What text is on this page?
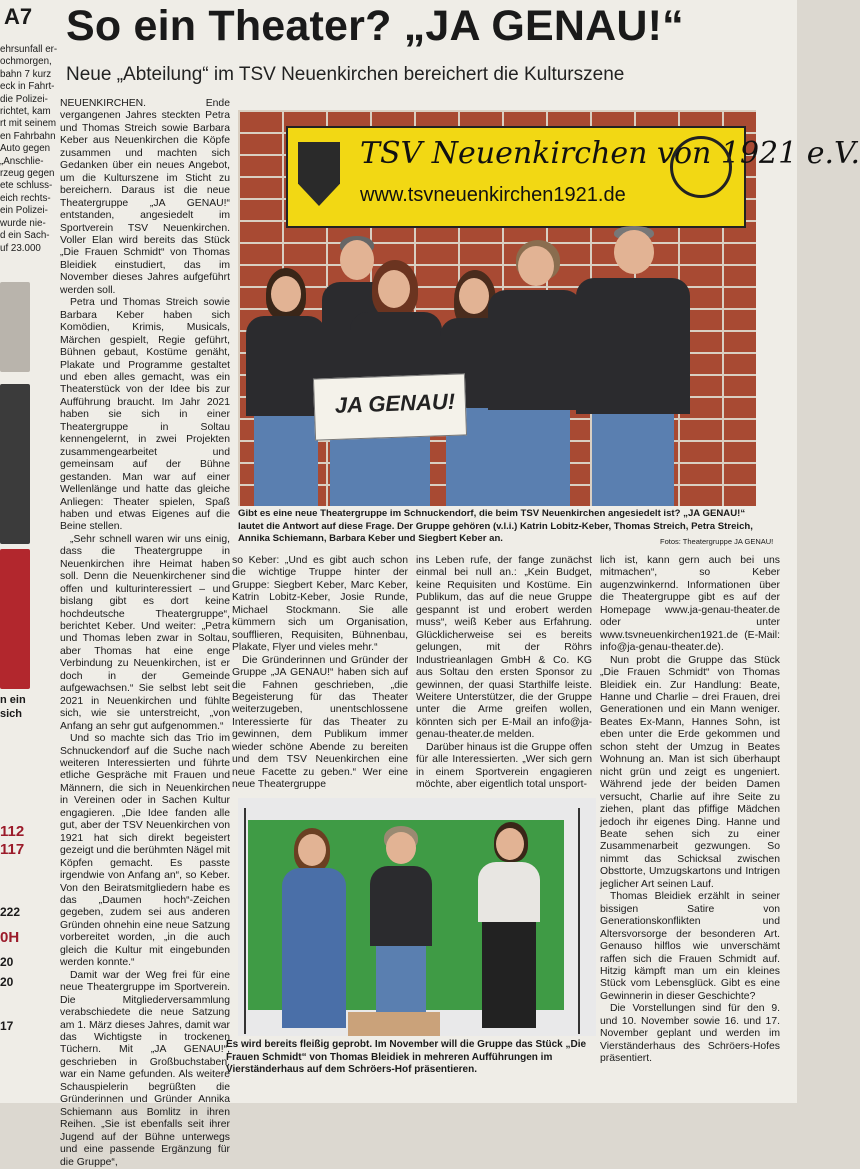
A7 So ein Theater? „JA GENAU!“
Neue „Abteilung“ im TSV Neuenkirchen bereichert die Kulturszene
ehrsunfall er-
ochmorgen,
bahn 7 kurz
eck in Fahrt-
die Polizei-
richtet, kam
rt mit seinem
en Fahrbahn
Auto gegen
„Anschlie-
rzeug gegen
ete schluss-
eich rechts-
ein Polizei-
wurde nie-
d ein Sach-
uf 23.000
n ein
sich
112
117
222
0H
20
20
17

NEUENKIRCHEN. Ende vergangenen Jahres steckten Petra und Thomas Streich sowie Barbara Keber aus Neuenkirchen die Köpfe zusammen und machten sich Gedanken über ein neues Angebot, um die Kulturszene im Sticht zu bereichern. Daraus ist die neue Theatergruppe „JA GENAU!“ entstanden, angesiedelt im Sportverein TSV Neuenkirchen. Voller Elan wird bereits das Stück „Die Frauen Schmidt“ von Thomas Bleidiek einstudiert, das im November dieses Jahres aufgeführt werden soll.

Petra und Thomas Streich sowie Barbara Keber haben sich Komödien, Krimis, Musicals, Märchen gespielt, Regie geführt, Bühnen gebaut, Kostüme genäht, Plakate und Programme gestaltet und eben alles gemacht, was ein Theaterstück von der Idee bis zur Aufführung braucht. Im Jahr 2021 haben sie sich in einer Theatergruppe in Soltau kennengelernt, in zwei Projekten zusammengearbeitet und gemeinsam auf der Bühne gestanden. Man war auf einer Wellenlänge und hatte das gleiche Anliegen: Theater spielen, Spaß haben und etwas Eigenes auf die Beine stellen.

„Sehr schnell waren wir uns einig, dass die Theatergruppe in Neuenkirchen ihre Heimat haben soll. Denn die Neuenkirchener sind offen und kulturinteressiert – und bislang gibt es dort keine hochdeutsche Theatergruppe“, berichtet Keber. Und weiter: „Petra und Thomas leben zwar in Soltau, aber Thomas hat eine enge Verbindung zu Neuenkirchen, ist er doch in der Gemeinde aufgewachsen.“ Sie selbst lebt seit 2021 in Neuenkirchen und fühlte sich, wie sie unterstreicht, „von Anfang an sehr gut aufgenommen.“

Und so machte sich das Trio im Schnuckendorf auf die Suche nach weiteren Interessierten und führte etliche Gespräche mit Frauen und Männern, die sich in Neuenkirchen in Vereinen oder in Sachen Kultur engagieren. „Die Idee fanden alle gut, aber der TSV Neuenkirchen von 1921 hat sich direkt begeistert gezeigt und die berühmten Nägel mit Köpfen gemacht. Es passte irgendwie von Anfang an“, so Keber. Von den Beiratsmitgliedern habe es das „Daumen hoch“-Zeichen gegeben, zudem sei aus anderen Gründen ohnehin eine neue Satzung vorbereitet worden, „in die auch gleich die Kultur mit eingebunden werden konnte.“

Damit war der Weg frei für eine neue Theatergruppe im Sportverein. Die Mitgliederversammlung verabschiedete die neue Satzung am 1. März dieses Jahres, damit war das Wichtigste in trockenen Tüchern. Mit „JA GENAU!“, geschrieben in Großbuchstaben, war ein Name gefunden. Als weitere Schauspielerin begrüßten die Gründerinnen und Gründer Annika Schiemann aus Bomlitz in ihren Reihen. „Sie ist ebenfalls seit ihrer Jugend auf der Bühne unterwegs und eine passende Ergänzung für die Gruppe“,

TSV Neuenkirchen von 1921 e.V.
www.tsvneuenkirchen1921.de
JA GENAU!
Gibt es eine neue Theatergruppe im Schnuckendorf, die beim TSV Neuenkirchen angesiedelt ist? „JA GENAU!“ lautet die Antwort auf diese Frage. Der Gruppe gehören (v.l.i.) Katrin Lobitz-Keber, Thomas Streich, Petra Streich, Annika Schiemann, Barbara Keber und Siegbert Keber an.	Fotos: Theatergruppe JA GENAU!

so Keber: „Und es gibt auch schon die wichtige Truppe hinter der Gruppe: Siegbert Keber, Marc Keber, Katrin Lobitz-Keber, Josie Runde, Michael Stockmann. Sie alle kümmern sich um Organisation, soufflieren, Requisiten, Bühnenbau, Plakate, Flyer und vieles mehr.“

Die Gründerinnen und Gründer der Gruppe „JA GENAU!“ haben sich auf die Fahnen geschrieben, „die Begeisterung für das Theater weiterzugeben, unentschlossene Interessierte für das Theater zu gewinnen, dem Publikum immer wieder schöne Abende zu bereiten und dem TSV Neuenkirchen eine neue Facette zu geben.“ Wer eine neue Theatergruppe

ins Leben rufe, der fange zunächst einmal bei null an.: „Kein Budget, keine Requisiten und Kostüme. Ein Publikum, das auf die neue Gruppe gespannt ist und erobert werden muss“, weiß Keber aus Erfahrung. Glücklicherweise sei es bereits gelungen, mit der Röhrs Industrieanlagen GmbH & Co. KG aus Soltau den ersten Sponsor zu gewinnen, der quasi Starthilfe leiste. Weitere Unterstützer, die der Gruppe unter die Arme greifen wollen, könnten sich per E-Mail an info@ja-genau-theater.de melden.

Darüber hinaus ist die Gruppe offen für alle Interessierten. „Wer sich gern in einem Sportverein engagieren möchte, aber eigentlich total unsport-

lich ist, kann gern auch bei uns mitmachen“, so Keber augenzwinkernd. Informationen über die Theatergruppe gibt es auf der Homepage www.ja-genau-theater.de oder unter www.tsvneuenkirchen1921.de (E-Mail: info@ja-genau-theater.de).

Nun probt die Gruppe das Stück „Die Frauen Schmidt“ von Thomas Bleidiek ein. Zur Handlung: Beate, Hanne und Charlie – drei Frauen, drei Generationen und ein Mann weniger. Beates Ex-Mann, Hannes Sohn, ist eben unter die Erde gekommen und schon steht der Umzug in Beates Wohnung an. Man ist sich überhaupt nicht grün und zeigt es ungeniert. Während jede der beiden Damen versucht, Charlie auf ihre Seite zu ziehen, plant das pfiffige Mädchen jedoch ihr eigenes Ding. Hanne und Beate sehen sich zu einer Zusammenarbeit gezwungen. So nimmt das Schicksal zwischen Obsttorte, Umzugskartons und Intrigen jeglicher Art seinen Lauf.

Thomas Bleidiek erzählt in seiner bissigen Satire von Generationskonflikten und Altersvorsorge der besonderen Art. Genauso hilflos wie unverschämt raffen sich die Frauen Schmidt auf. Hitzig kämpft man um ein kleines Stück vom Lebensglück. Gibt es eine Gewinnerin in dieser Geschichte?

Die Vorstellungen sind für den 9. und 10. November sowie 16. und 17. November geplant und werden im Vierständerhaus des Schröers-Hofes präsentiert.

Es wird bereits fleißig geprobt. Im November will die Gruppe das Stück „Die Frauen Schmidt“ von Thomas Bleidiek in mehreren Aufführungen im Vierständerhaus auf dem Schröers-Hof präsentieren.
